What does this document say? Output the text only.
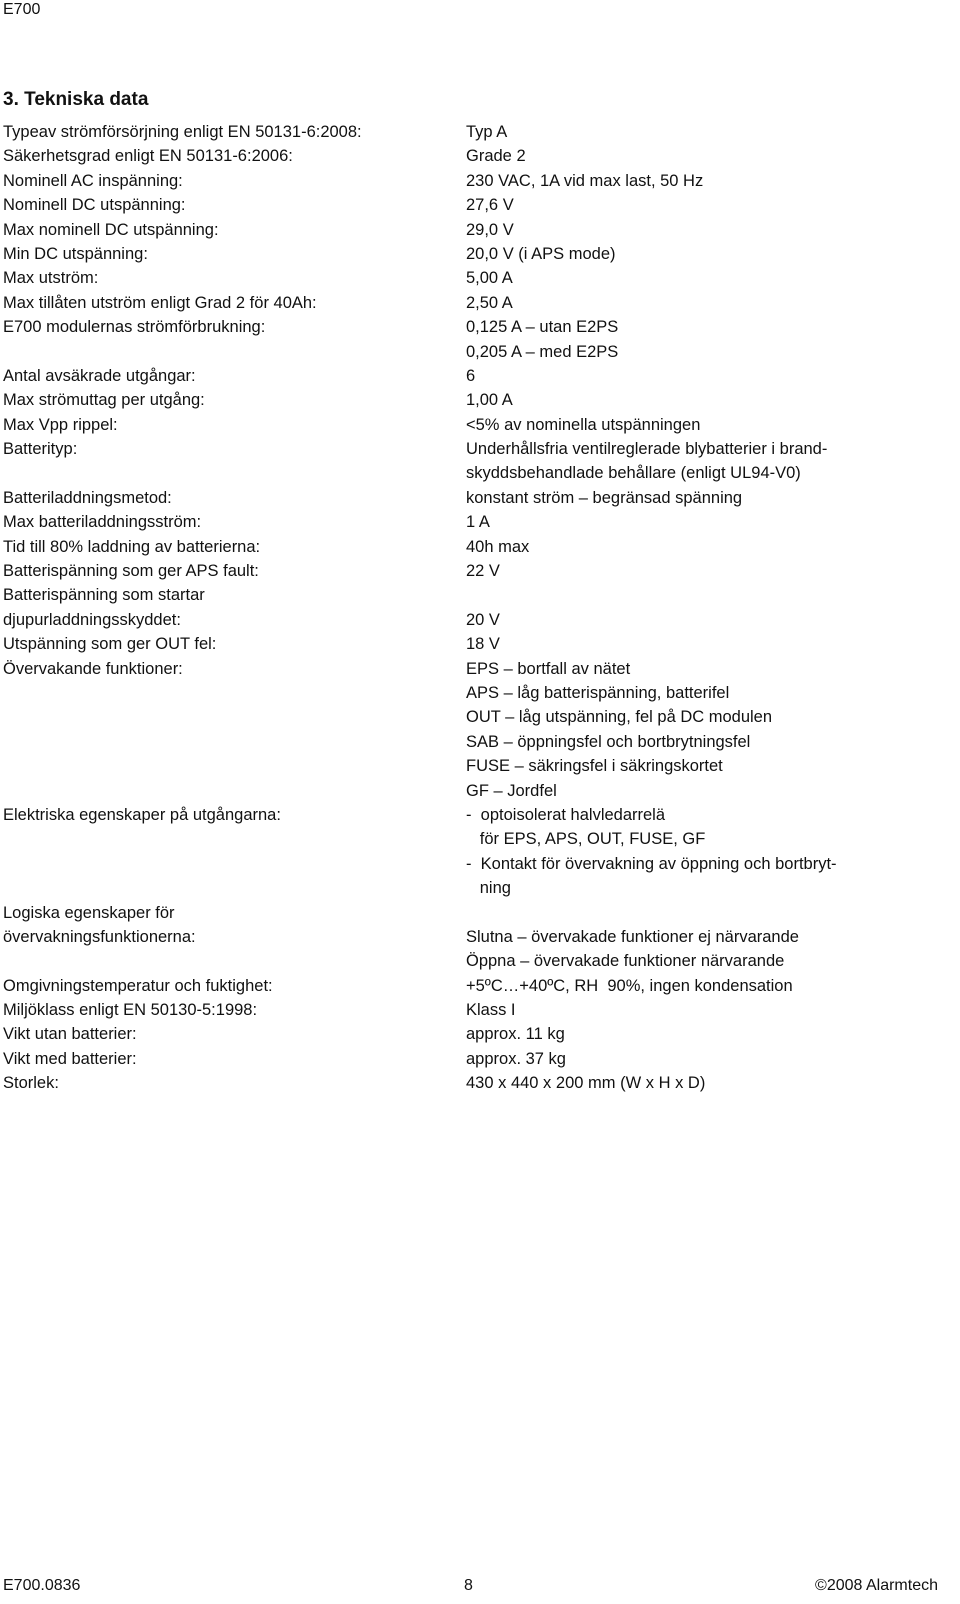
E700
3. Tekniska data
Typeav strömförsörjning enligt EN 50131-6:2008:	Typ A
Säkerhetsgrad enligt EN 50131-6:2006:	Grade 2
Nominell AC inspänning:	230 VAC, 1A vid max last, 50 Hz
Nominell DC utspänning:	27,6 V
Max nominell DC utspänning:	29,0 V
Min DC utspänning:	20,0 V (i APS mode)
Max utström:	5,00 A
Max tillåten utström enligt Grad 2 för 40Ah:	2,50 A
E700 modulernas strömförbrukning:	0,125 A – utan E2PS
0,205 A – med E2PS
Antal avsäkrade utgångar:	6
Max strömuttag per utgång:	1,00 A
Max Vpp rippel:	<5% av nominella utspänningen
Batterityp:	Underhållsfria ventilreglerade blybatterier i brand-
skyddsbehandlade behållare (enligt UL94-V0)
Batteriladdningsmetod:	konstant ström – begränsad spänning
Max batteriladdningsström:	1 A
Tid till 80% laddning av batterierna:	40h max
Batterispänning som ger APS fault:	22 V
Batterispänning som startar
djupurladdningsskyddet:	20 V
Utspänning som ger OUT fel:	18 V
Övervakande funktioner:	EPS – bortfall av nätet
APS – låg batterispänning, batterifel
OUT – låg utspänning, fel på DC modulen
SAB – öppningsfel och bortbrytningsfel
FUSE – säkringsfel i säkringskortet
GF – Jordfel
Elektriska egenskaper på utgångarna:	-  optoisolerat halvledarrelä
för EPS, APS, OUT, FUSE, GF
-  Kontakt för övervakning av öppning och bortbryt-
ning
Logiska egenskaper för
övervakningsfunktionerna:	Slutna – övervakade funktioner ej närvarande
Öppna – övervakade funktioner närvarande
Omgivningstemperatur och fuktighet:	+5ºC…+40ºC, RH  90%, ingen kondensation
Miljöklass enligt EN 50130-5:1998:	Klass I
Vikt utan batterier:	approx. 11 kg
Vikt med batterier:	approx. 37 kg
Storlek:	430 x 440 x 200 mm (W x H x D)
E700.0836	8	©2008 Alarmtech
